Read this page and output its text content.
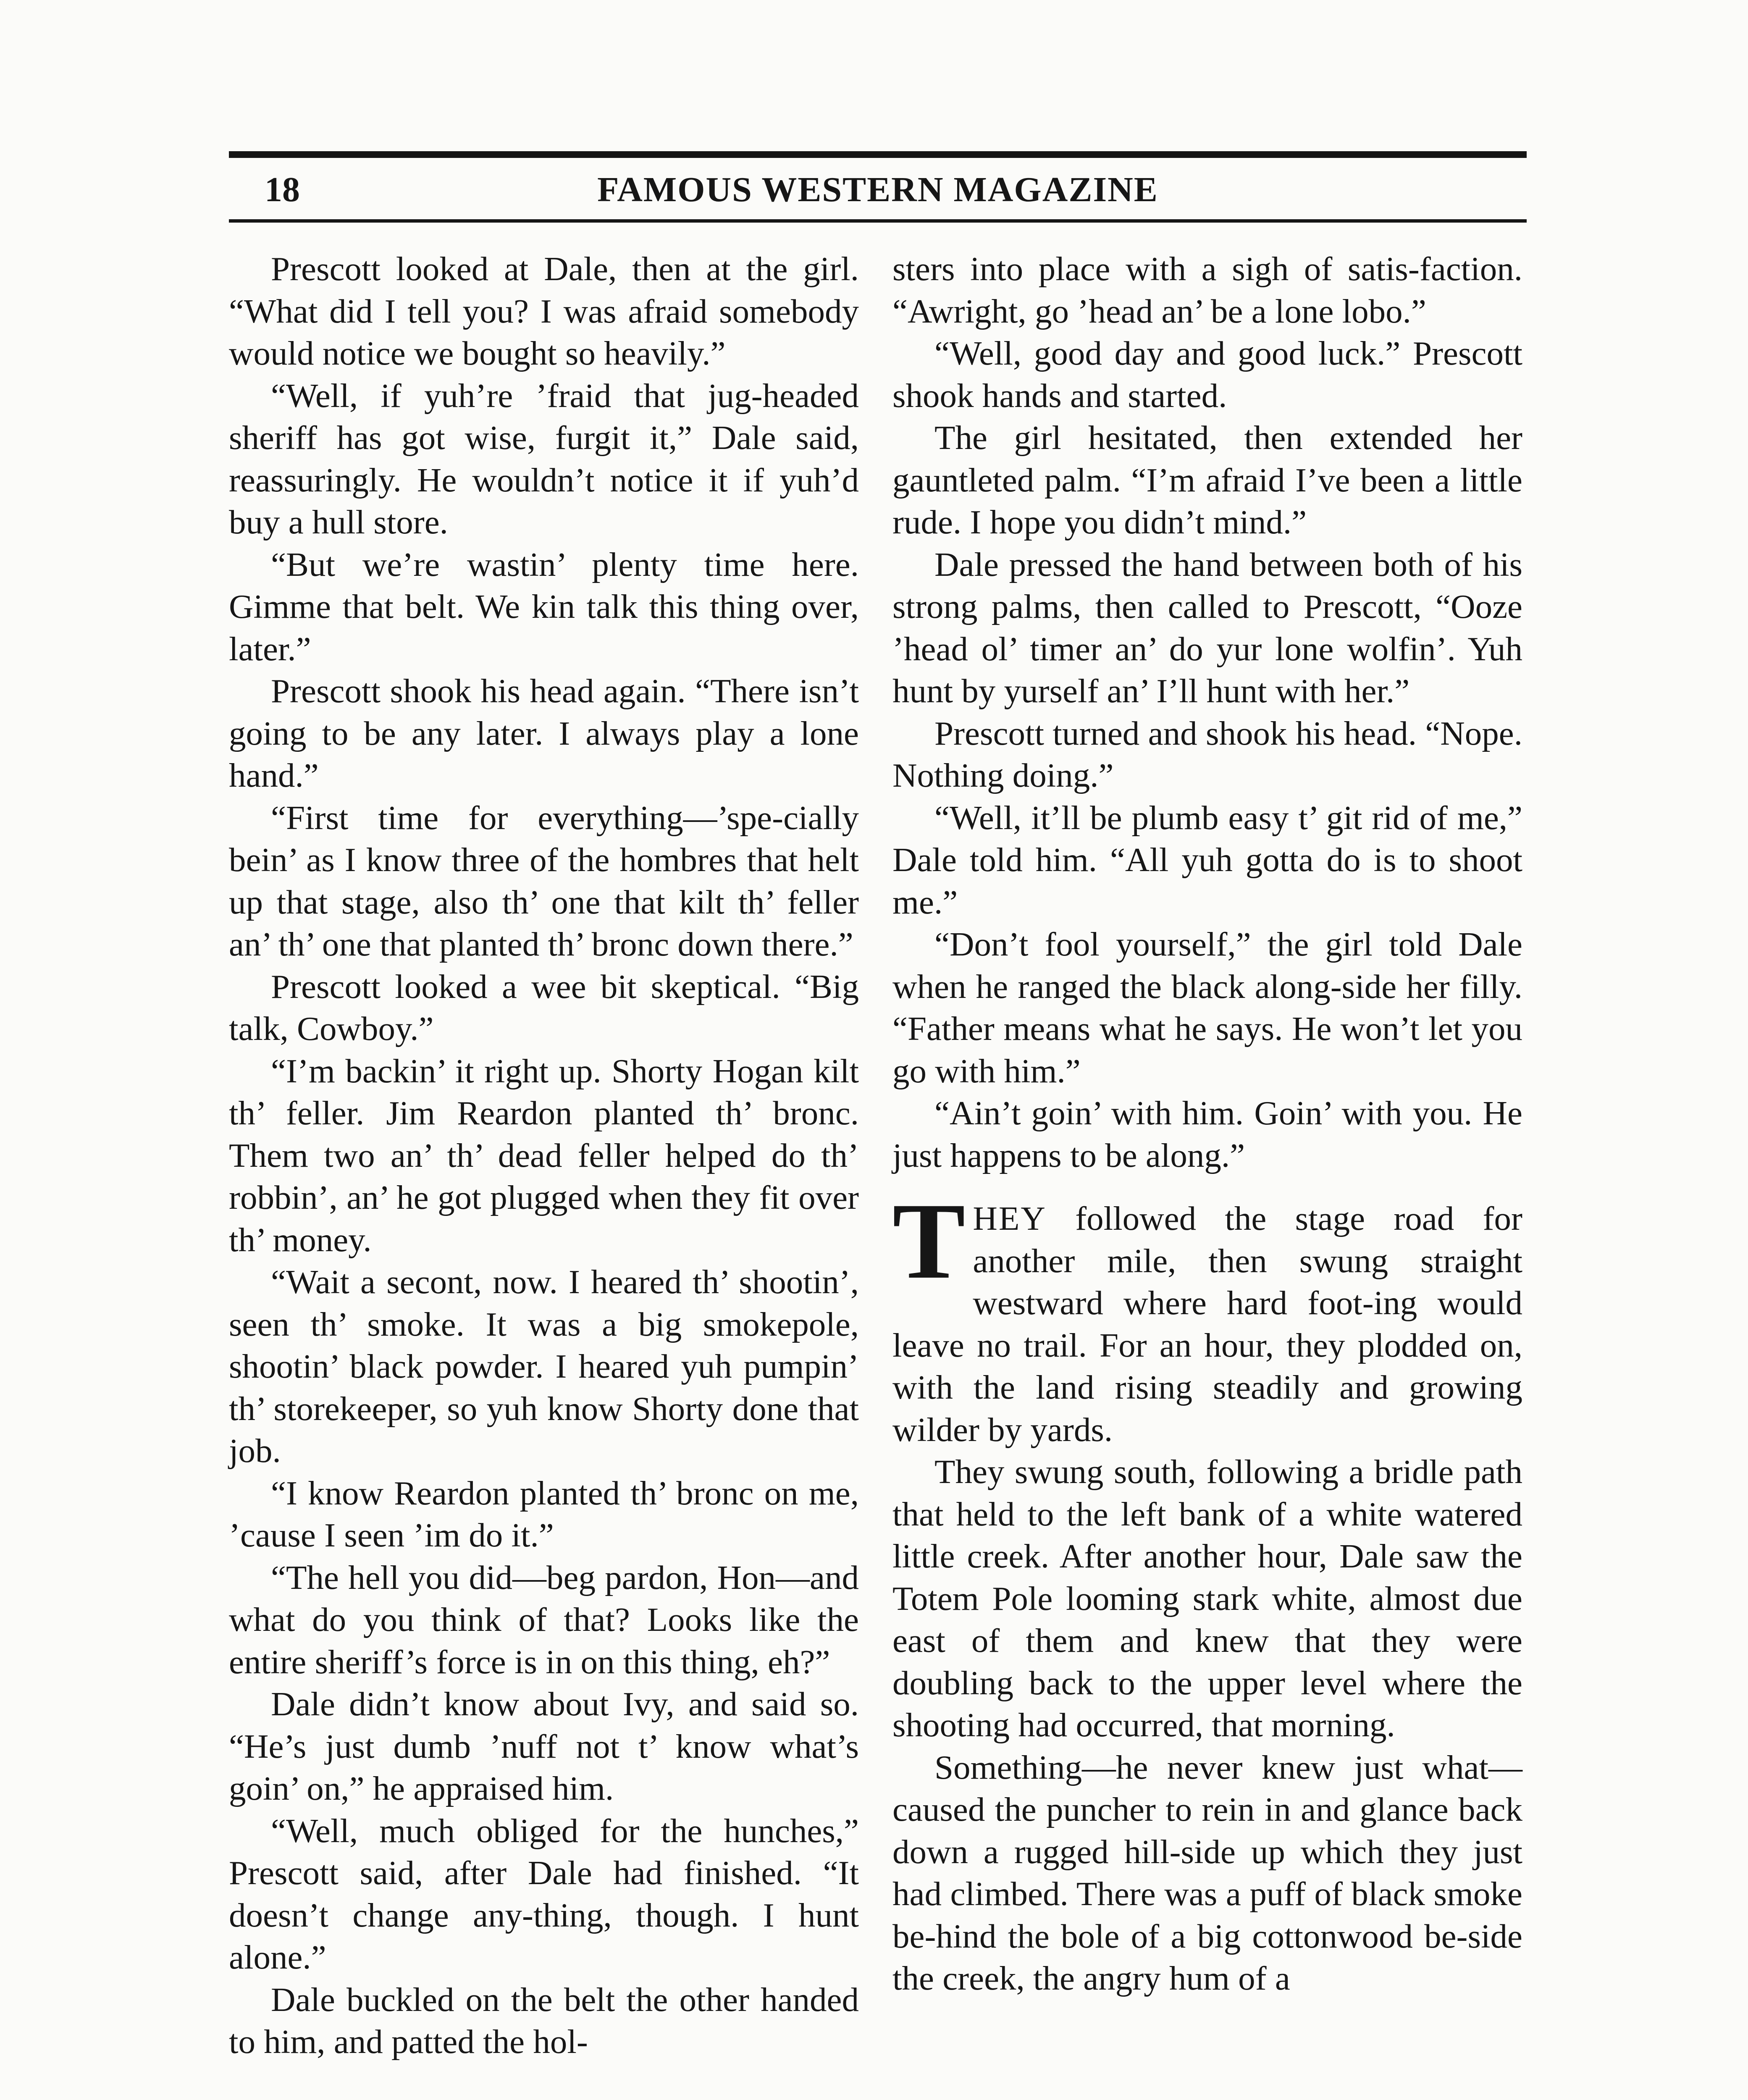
18	FAMOUS WESTERN MAGAZINE

Prescott looked at Dale, then at the girl. “What did I tell you? I was afraid somebody would notice we bought so heavily.”

“Well, if yuh’re ’fraid that jug-headed sheriff has got wise, furgit it,” Dale said, reassuringly. He wouldn’t notice it if yuh’d buy a hull store.

“But we’re wastin’ plenty time here. Gimme that belt. We kin talk this thing over, later.”

Prescott shook his head again. “There isn’t going to be any later. I always play a lone hand.”

“First time for everything—’spe-cially bein’ as I know three of the hombres that helt up that stage, also th’ one that kilt th’ feller an’ th’ one that planted th’ bronc down there.”

Prescott looked a wee bit skeptical. “Big talk, Cowboy.”

“I’m backin’ it right up. Shorty Hogan kilt th’ feller. Jim Reardon planted th’ bronc. Them two an’ th’ dead feller helped do th’ robbin’, an’ he got plugged when they fit over th’ money.

“Wait a secont, now. I heared th’ shootin’, seen th’ smoke. It was a big smokepole, shootin’ black powder. I heared yuh pumpin’ th’ storekeeper, so yuh know Shorty done that job.

“I know Reardon planted th’ bronc on me, ’cause I seen ’im do it.”

“The hell you did—beg pardon, Hon—and what do you think of that? Looks like the entire sheriff’s force is in on this thing, eh?”

Dale didn’t know about Ivy, and said so. “He’s just dumb ’nuff not t’ know what’s goin’ on,” he appraised him.

“Well, much obliged for the hunches,” Prescott said, after Dale had finished. “It doesn’t change any-thing, though. I hunt alone.”

Dale buckled on the belt the other handed to him, and patted the hol-

sters into place with a sigh of satis-faction. “Awright, go ’head an’ be a lone lobo.”

“Well, good day and good luck.” Prescott shook hands and started.

The girl hesitated, then extended her gauntleted palm. “I’m afraid I’ve been a little rude. I hope you didn’t mind.”

Dale pressed the hand between both of his strong palms, then called to Prescott, “Ooze ’head ol’ timer an’ do yur lone wolfin’. Yuh hunt by yurself an’ I’ll hunt with her.”

Prescott turned and shook his head. “Nope. Nothing doing.”

“Well, it’ll be plumb easy t’ git rid of me,” Dale told him. “All yuh gotta do is to shoot me.”

“Don’t fool yourself,” the girl told Dale when he ranged the black along-side her filly. “Father means what he says. He won’t let you go with him.”

“Ain’t goin’ with him. Goin’ with you. He just happens to be along.”

THEY followed the stage road for another mile, then swung straight westward where hard foot-ing would leave no trail. For an hour, they plodded on, with the land rising steadily and growing wilder by yards.

They swung south, following a bridle path that held to the left bank of a white watered little creek. After another hour, Dale saw the Totem Pole looming stark white, almost due east of them and knew that they were doubling back to the upper level where the shooting had occurred, that morning.

Something—he never knew just what—caused the puncher to rein in and glance back down a rugged hill-side up which they just had climbed. There was a puff of black smoke be-hind the bole of a big cottonwood be-side the creek, the angry hum of a
